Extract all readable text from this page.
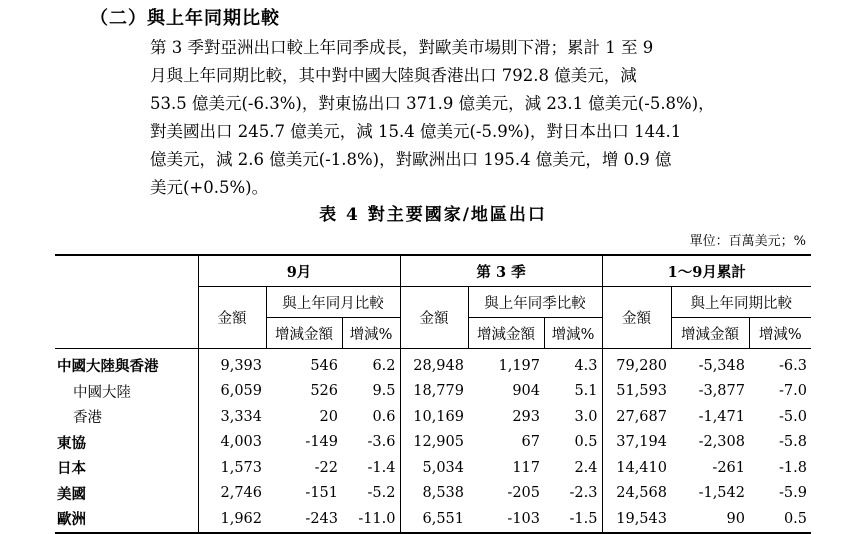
（二）與上年同期比較

第 3 季對亞洲出口較上年同季成長，對歐美市場則下滑；累計 1 至 9
月與上年同期比較，其中對中國大陸與香港出口 792.8 億美元，減
53.5 億美元(-6.3%)，對東協出口 371.9 億美元，減 23.1 億美元(-5.8%)，
對美國出口 245.7 億美元，減 15.4 億美元(-5.9%)，對日本出口 144.1
億美元，減 2.6 億美元(-1.8%)，對歐洲出口 195.4 億美元，增 0.9 億
美元(+0.5%)。

表 4 對主要國家/地區出口
單位：百萬美元；%
	9月			第 3 季			1～9月累計		
	金額	與上年同月比較		金額	與上年同季比較		金額	與上年同期比較	
		增減金額	增減%		增減金額	增減%		增減金額	增減%
中國大陸與香港	9,393	546	6.2	28,948	1,197	4.3	79,280	-5,348	-6.3
中國大陸	6,059	526	9.5	18,779	904	5.1	51,593	-3,877	-7.0
香港	3,334	20	0.6	10,169	293	3.0	27,687	-1,471	-5.0
東協	4,003	-149	-3.6	12,905	67	0.5	37,194	-2,308	-5.8
日本	1,573	-22	-1.4	5,034	117	2.4	14,410	-261	-1.8
美國	2,746	-151	-5.2	8,538	-205	-2.3	24,568	-1,542	-5.9
歐洲	1,962	-243	-11.0	6,551	-103	-1.5	19,543	90	0.5
